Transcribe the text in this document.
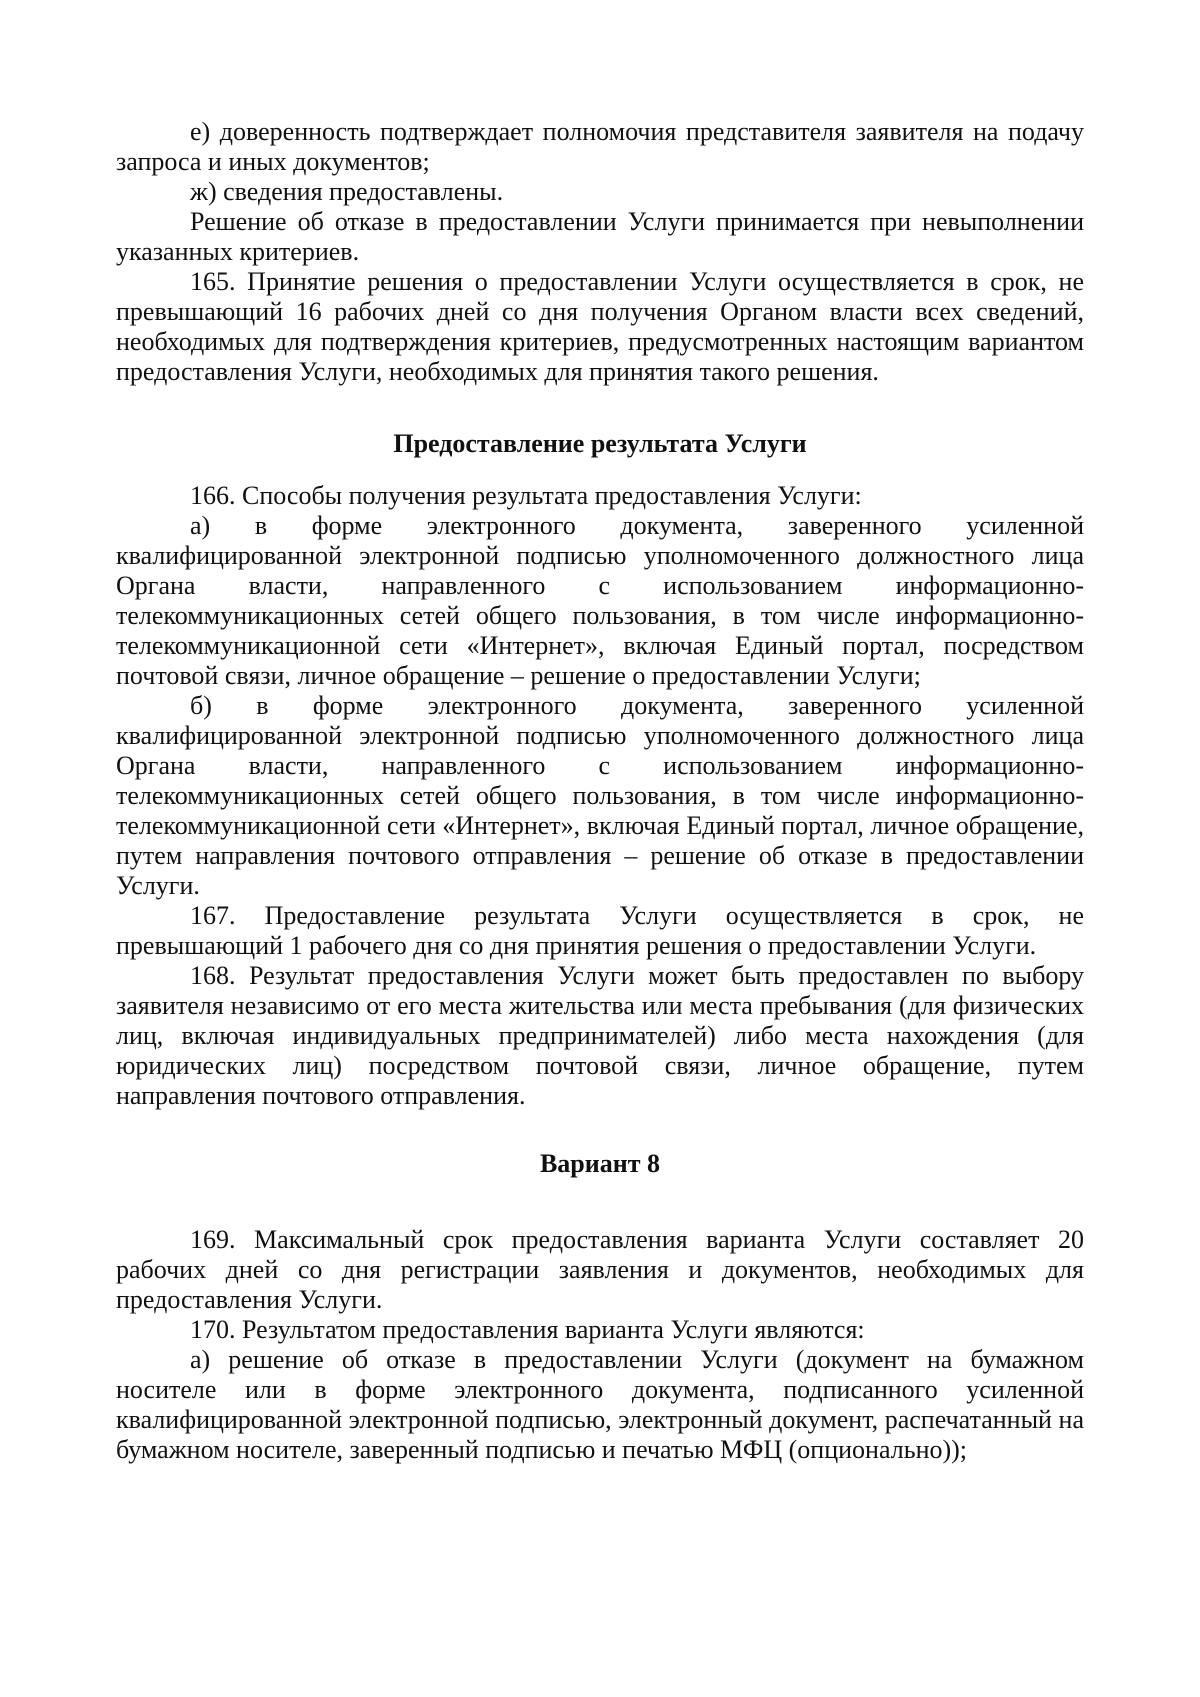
е) доверенность подтверждает полномочия представителя заявителя на подачу запроса и иных документов;

ж) сведения предоставлены.

Решение об отказе в предоставлении Услуги принимается при невыполнении указанных критериев.

165. Принятие решения о предоставлении Услуги осуществляется в срок, не превышающий 16 рабочих дней со дня получения Органом власти всех сведений, необходимых для подтверждения критериев, предусмотренных настоящим вариантом предоставления Услуги, необходимых для принятия такого решения.

Предоставление результата Услуги

166. Способы получения результата предоставления Услуги:

а) в форме электронного документа, заверенного усиленной квалифицированной электронной подписью уполномоченного должностного лица Органа власти, направленного с использованием информационно-телекоммуникационных сетей общего пользования, в том числе информационно-телекоммуникационной сети «Интернет», включая Единый портал, посредством почтовой связи, личное обращение – решение о предоставлении Услуги;

б) в форме электронного документа, заверенного усиленной квалифицированной электронной подписью уполномоченного должностного лица Органа власти, направленного с использованием информационно-телекоммуникационных сетей общего пользования, в том числе информационно-телекоммуникационной сети «Интернет», включая Единый портал, личное обращение, путем направления почтового отправления – решение об отказе в предоставлении Услуги.

167. Предоставление результата Услуги осуществляется в срок, не превышающий 1 рабочего дня со дня принятия решения о предоставлении Услуги.

168. Результат предоставления Услуги может быть предоставлен по выбору заявителя независимо от его места жительства или места пребывания (для физических лиц, включая индивидуальных предпринимателей) либо места нахождения (для юридических лиц) посредством почтовой связи, личное обращение, путем направления почтового отправления.

Вариант 8

169. Максимальный срок предоставления варианта Услуги составляет 20 рабочих дней со дня регистрации заявления и документов, необходимых для предоставления Услуги.

170. Результатом предоставления варианта Услуги являются:

а) решение об отказе в предоставлении Услуги (документ на бумажном носителе или в форме электронного документа, подписанного усиленной квалифицированной электронной подписью, электронный документ, распечатанный на бумажном носителе, заверенный подписью и печатью МФЦ (опционально));
